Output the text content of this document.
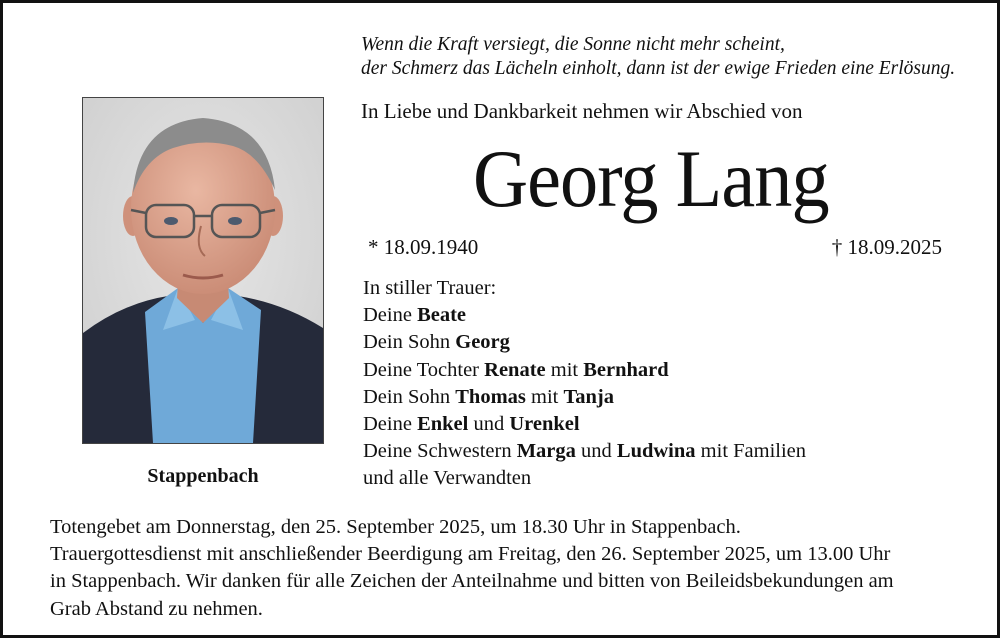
Wenn die Kraft versiegt, die Sonne nicht mehr scheint,
der Schmerz das Lächeln einholt, dann ist der ewige Frieden eine Erlösung.
In Liebe und Dankbarkeit nehmen wir Abschied von
Georg Lang
* 18.09.1940	† 18.09.2025
Stappenbach
In stiller Trauer:
Deine Beate
Dein Sohn Georg
Deine Tochter Renate mit Bernhard
Dein Sohn Thomas mit Tanja
Deine Enkel und Urenkel
Deine Schwestern Marga und Ludwina mit Familien
und alle Verwandten
Totengebet am Donnerstag, den 25. September 2025, um 18.30 Uhr in Stappenbach.
Trauergottesdienst mit anschließender Beerdigung am Freitag, den 26. September 2025, um 13.00 Uhr
in Stappenbach. Wir danken für alle Zeichen der Anteilnahme und bitten von Beileidsbekundungen am
Grab Abstand zu nehmen.
